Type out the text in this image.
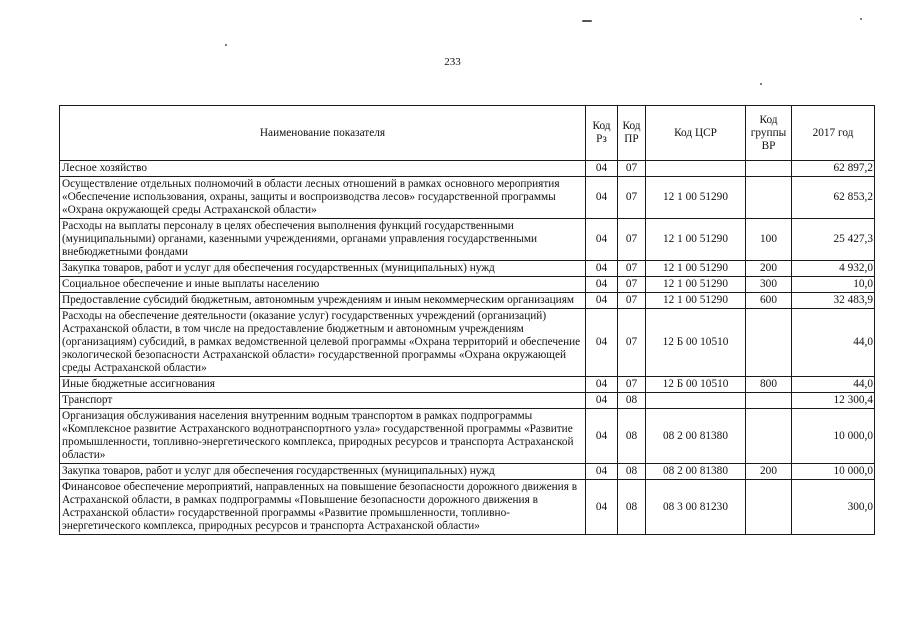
233
Наименование показателя	Код Рз	Код ПР	Код ЦСР	Код группы ВР	2017 год
Лесное хозяйство	04	07			62 897,2
Осуществление отдельных полномочий в области лесных отношений в рамках основного мероприятия «Обеспечение использования, охраны, защиты и воспроизводства лесов» государственной программы «Охрана окружающей среды Астраханской области»	04	07	12 1 00 51290		62 853,2
Расходы на выплаты персоналу в целях обеспечения выполнения функций государственными (муниципальными) органами, казенными учреждениями, органами управления государственными внебюджетными фондами	04	07	12 1 00 51290	100	25 427,3
Закупка товаров, работ и услуг для обеспечения государственных (муниципальных) нужд	04	07	12 1 00 51290	200	4 932,0
Социальное обеспечение и иные выплаты населению	04	07	12 1 00 51290	300	10,0
Предоставление субсидий бюджетным, автономным учреждениям и иным некоммерческим организациям	04	07	12 1 00 51290	600	32 483,9
Расходы на обеспечение деятельности (оказание услуг) государственных учреждений (организаций) Астраханской области, в том числе на предоставление бюджетным и автономным учреждениям (организациям) субсидий, в рамках ведомственной целевой программы «Охрана территорий и обеспечение экологической безопасности Астраханской области» государственной программы «Охрана окружающей среды Астраханской области»	04	07	12 Б 00 10510		44,0
Иные бюджетные ассигнования	04	07	12 Б 00 10510	800	44,0
Транспорт	04	08			12 300,4
Организация обслуживания населения внутренним водным транспортом в рамках подпрограммы «Комплексное развитие Астраханского воднотранспортного узла» государственной программы «Развитие промышленности, топливно-энергетического комплекса, природных ресурсов и транспорта Астраханской области»	04	08	08 2 00 81380		10 000,0
Закупка товаров, работ и услуг для обеспечения государственных (муниципальных) нужд	04	08	08 2 00 81380	200	10 000,0
Финансовое обеспечение мероприятий, направленных на повышение безопасности дорожного движения в Астраханской области, в рамках подпрограммы «Повышение безопасности дорожного движения в Астраханской области» государственной программы «Развитие промышленности, топливно-энергетического комплекса, природных ресурсов и транспорта Астраханской области»	04	08	08 3 00 81230		300,0
